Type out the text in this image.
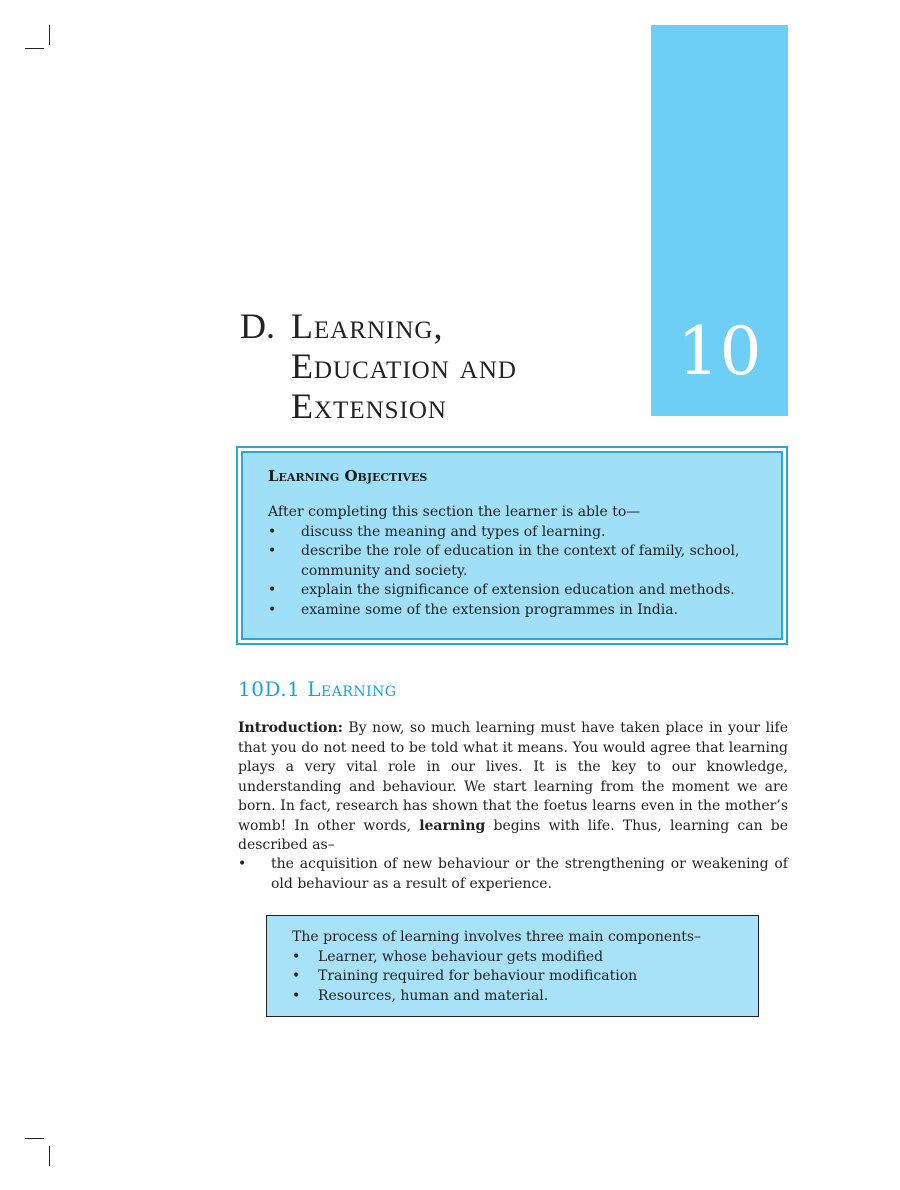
10
D. Learning,
Education and
Extension
Learning Objectives
After completing this section the learner is able to—
• discuss the meaning and types of learning.
• describe the role of education in the context of family, school, community and society.
• explain the significance of extension education and methods.
• examine some of the extension programmes in India.
10D.1 Learning
Introduction: By now, so much learning must have taken place in your life that you do not need to be told what it means. You would agree that learning plays a very vital role in our lives. It is the key to our knowledge, understanding and behaviour. We start learning from the moment we are born. In fact, research has shown that the foetus learns even in the mother’s womb! In other words, learning begins with life. Thus, learning can be described as–
• the acquisition of new behaviour or the strengthening or weakening of old behaviour as a result of experience.
The process of learning involves three main components–
• Learner, whose behaviour gets modified
• Training required for behaviour modification
• Resources, human and material.
